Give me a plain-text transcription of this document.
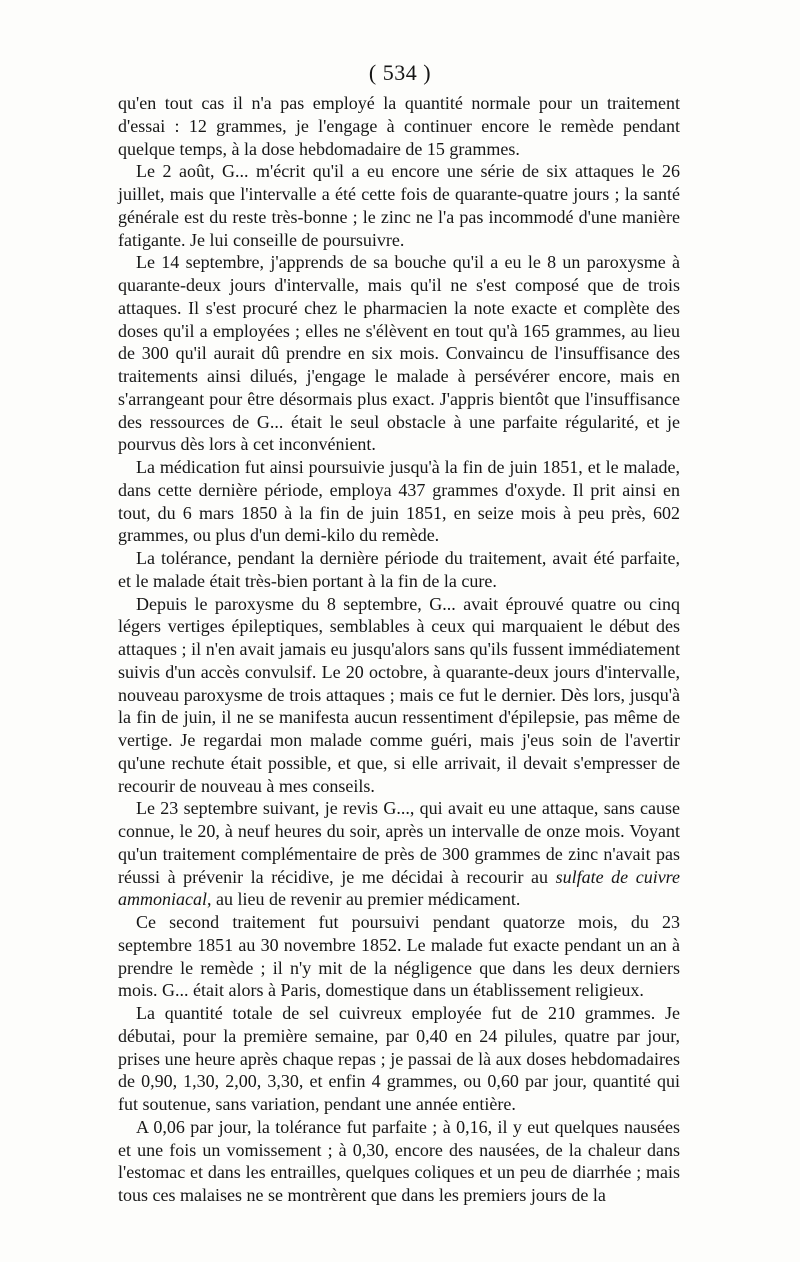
( 534 )

qu'en tout cas il n'a pas employé la quantité normale pour un traitement d'essai : 12 grammes, je l'engage à continuer encore le remède pendant quelque temps, à la dose hebdomadaire de 15 grammes.

Le 2 août, G... m'écrit qu'il a eu encore une série de six attaques le 26 juillet, mais que l'intervalle a été cette fois de quarante-quatre jours ; la santé générale est du reste très-bonne ; le zinc ne l'a pas incommodé d'une manière fatigante. Je lui conseille de poursuivre.

Le 14 septembre, j'apprends de sa bouche qu'il a eu le 8 un paroxysme à quarante-deux jours d'intervalle, mais qu'il ne s'est composé que de trois attaques. Il s'est procuré chez le pharmacien la note exacte et complète des doses qu'il a employées ; elles ne s'élèvent en tout qu'à 165 grammes, au lieu de 300 qu'il aurait dû prendre en six mois. Convaincu de l'insuffisance des traitements ainsi dilués, j'engage le malade à persévérer encore, mais en s'arrangeant pour être désormais plus exact. J'appris bientôt que l'insuffisance des ressources de G... était le seul obstacle à une parfaite régularité, et je pourvus dès lors à cet inconvénient.

La médication fut ainsi poursuivie jusqu'à la fin de juin 1851, et le malade, dans cette dernière période, employa 437 grammes d'oxyde. Il prit ainsi en tout, du 6 mars 1850 à la fin de juin 1851, en seize mois à peu près, 602 grammes, ou plus d'un demi-kilo du remède.

La tolérance, pendant la dernière période du traitement, avait été parfaite, et le malade était très-bien portant à la fin de la cure.

Depuis le paroxysme du 8 septembre, G... avait éprouvé quatre ou cinq légers vertiges épileptiques, semblables à ceux qui marquaient le début des attaques ; il n'en avait jamais eu jusqu'alors sans qu'ils fussent immédiatement suivis d'un accès convulsif. Le 20 octobre, à quarante-deux jours d'intervalle, nouveau paroxysme de trois attaques ; mais ce fut le dernier. Dès lors, jusqu'à la fin de juin, il ne se manifesta aucun ressentiment d'épilepsie, pas même de vertige. Je regardai mon malade comme guéri, mais j'eus soin de l'avertir qu'une rechute était possible, et que, si elle arrivait, il devait s'empresser de recourir de nouveau à mes conseils.

Le 23 septembre suivant, je revis G..., qui avait eu une attaque, sans cause connue, le 20, à neuf heures du soir, après un intervalle de onze mois. Voyant qu'un traitement complémentaire de près de 300 grammes de zinc n'avait pas réussi à prévenir la récidive, je me décidai à recourir au sulfate de cuivre ammoniacal, au lieu de revenir au premier médicament.

Ce second traitement fut poursuivi pendant quatorze mois, du 23 septembre 1851 au 30 novembre 1852. Le malade fut exacte pendant un an à prendre le remède ; il n'y mit de la négligence que dans les deux derniers mois. G... était alors à Paris, domestique dans un établissement religieux.

La quantité totale de sel cuivreux employée fut de 210 grammes. Je débutai, pour la première semaine, par 0,40 en 24 pilules, quatre par jour, prises une heure après chaque repas ; je passai de là aux doses hebdomadaires de 0,90, 1,30, 2,00, 3,30, et enfin 4 grammes, ou 0,60 par jour, quantité qui fut soutenue, sans variation, pendant une année entière.

A 0,06 par jour, la tolérance fut parfaite ; à 0,16, il y eut quelques nausées et une fois un vomissement ; à 0,30, encore des nausées, de la chaleur dans l'estomac et dans les entrailles, quelques coliques et un peu de diarrhée ; mais tous ces malaises ne se montrèrent que dans les premiers jours de la
